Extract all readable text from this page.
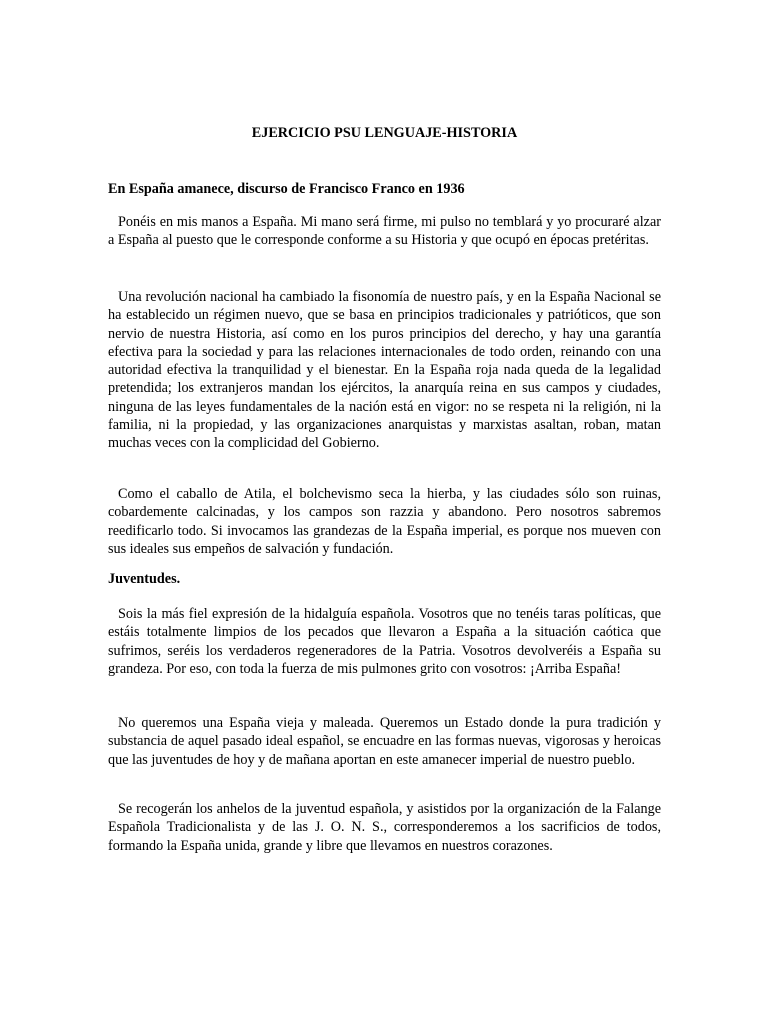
EJERCICIO PSU LENGUAJE-HISTORIA
En España amanece, discurso de Francisco Franco en 1936

Ponéis en mis manos a España. Mi mano será firme, mi pulso no temblará y yo procuraré alzar a España al puesto que le corresponde conforme a su Historia y que ocupó en épocas pretéritas.

Una revolución nacional ha cambiado la fisonomía de nuestro país, y en la España Nacional se ha establecido un régimen nuevo, que se basa en principios tradicionales y patrióticos, que son nervio de nuestra Historia, así como en los puros principios del derecho, y hay una garantía efectiva para la sociedad y para las relaciones internacionales de todo orden, reinando con una autoridad efectiva la tranquilidad y el bienestar. En la España roja nada queda de la legalidad pretendida; los extranjeros mandan los ejércitos, la anarquía reina en sus campos y ciudades, ninguna de las leyes fundamentales de la nación está en vigor: no se respeta ni la religión, ni la familia, ni la propiedad, y las organizaciones anarquistas y marxistas asaltan, roban, matan muchas veces con la complicidad del Gobierno.

Como el caballo de Atila, el bolchevismo seca la hierba, y las ciudades sólo son ruinas, cobardemente calcinadas, y los campos son razzia y abandono. Pero nosotros sabremos reedificarlo todo. Si invocamos las grandezas de la España imperial, es porque nos mueven con sus ideales sus empeños de salvación y fundación.

Juventudes.

Sois la más fiel expresión de la hidalguía española. Vosotros que no tenéis taras políticas, que estáis totalmente limpios de los pecados que llevaron a España a la situación caótica que sufrimos, seréis los verdaderos regeneradores de la Patria. Vosotros devolveréis a España su grandeza. Por eso, con toda la fuerza de mis pulmones grito con vosotros: ¡Arriba España!

No queremos una España vieja y maleada. Queremos un Estado donde la pura tradición y substancia de aquel pasado ideal español, se encuadre en las formas nuevas, vigorosas y heroicas que las juventudes de hoy y de mañana aportan en este amanecer imperial de nuestro pueblo.

Se recogerán los anhelos de la juventud española, y asistidos por la organización de la Falange Española Tradicionalista y de las J. O. N. S., corresponderemos a los sacrificios de todos, formando la España unida, grande y libre que llevamos en nuestros corazones.
